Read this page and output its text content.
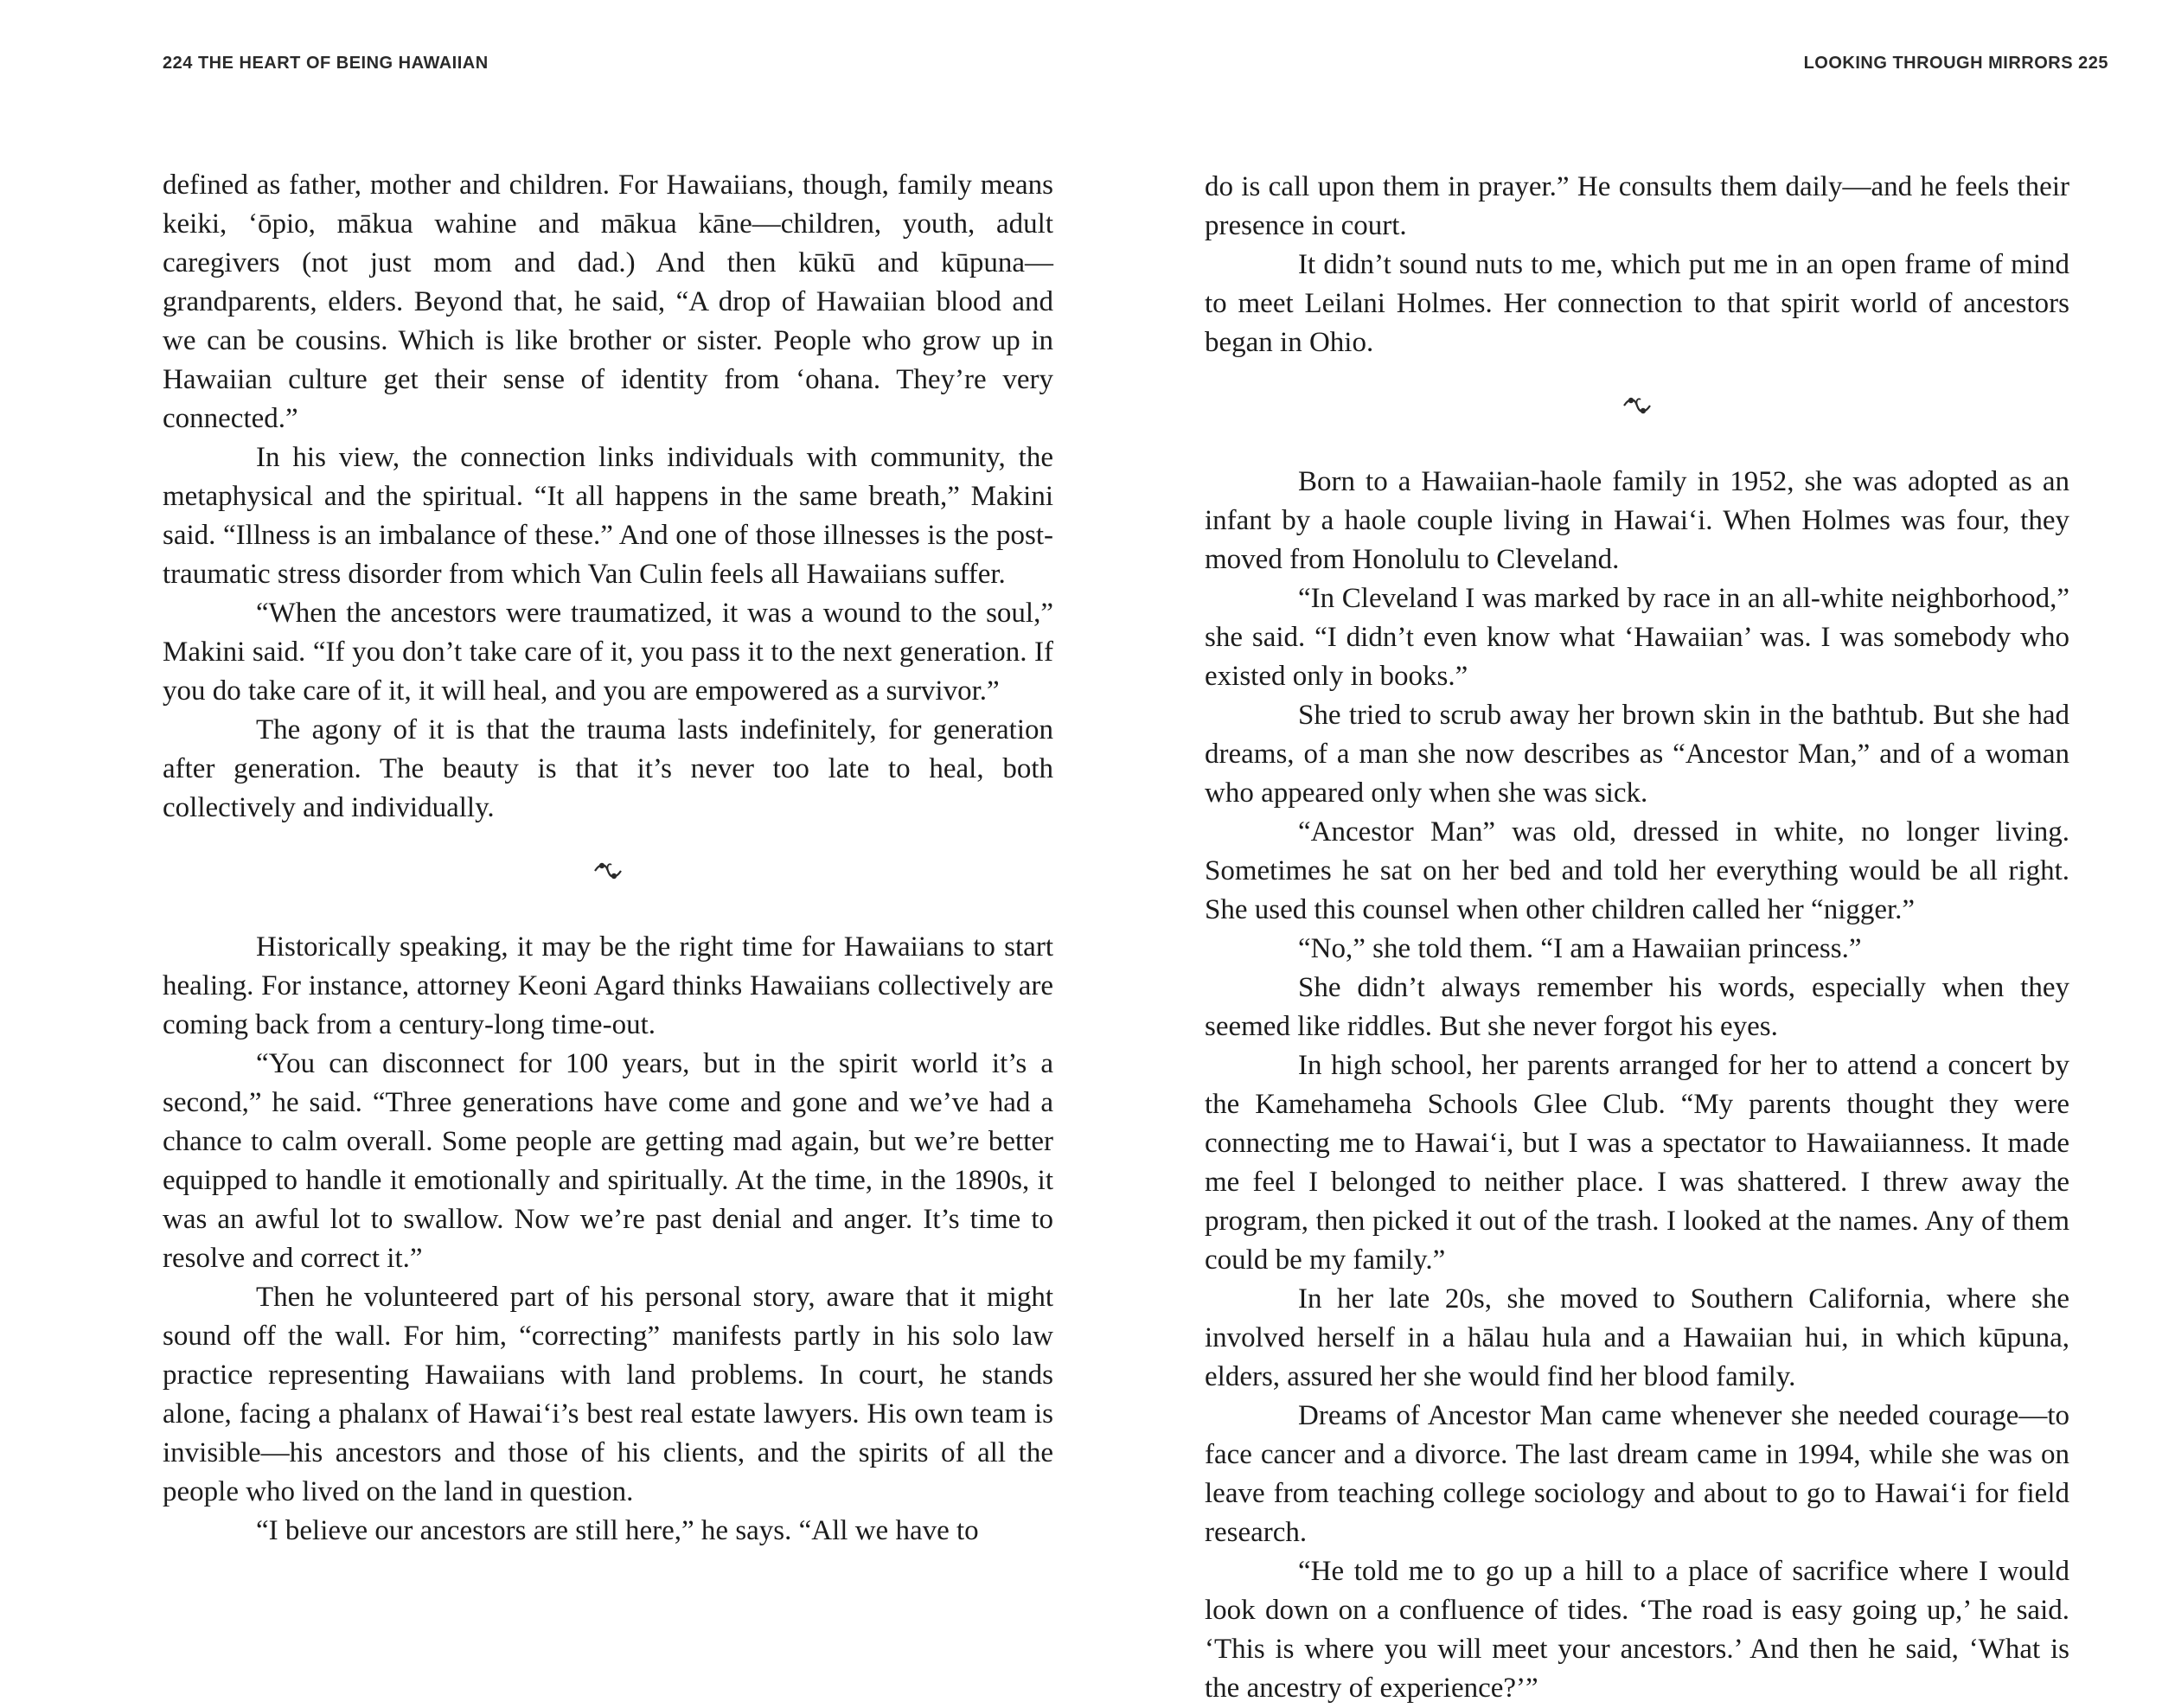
224 THE HEART OF BEING HAWAIIAN

defined as father, mother and children. For Hawaiians, though, family means keiki, ‘ōpio, mākua wahine and mākua kāne—children, youth, adult caregivers (not just mom and dad.) And then kūkū and kūpuna—grandparents, elders. Beyond that, he said, “A drop of Hawaiian blood and we can be cousins. Which is like brother or sister. People who grow up in Hawaiian culture get their sense of identity from ‘ohana. They’re very connected.”

In his view, the connection links individuals with community, the metaphysical and the spiritual. “It all happens in the same breath,” Makini said. “Illness is an imbalance of these.” And one of those illnesses is the post-traumatic stress disorder from which Van Culin feels all Hawaiians suffer.

“When the ancestors were traumatized, it was a wound to the soul,” Makini said. “If you don’t take care of it, you pass it to the next generation. If you do take care of it, it will heal, and you are empowered as a survivor.”

The agony of it is that the trauma lasts indefinitely, for generation after generation. The beauty is that it’s never too late to heal, both collectively and individually.

Historically speaking, it may be the right time for Hawaiians to start healing. For instance, attorney Keoni Agard thinks Hawaiians collectively are coming back from a century-long time-out.

“You can disconnect for 100 years, but in the spirit world it’s a second,” he said. “Three generations have come and gone and we’ve had a chance to calm overall. Some people are getting mad again, but we’re better equipped to handle it emotionally and spiritually. At the time, in the 1890s, it was an awful lot to swallow. Now we’re past denial and anger. It’s time to resolve and correct it.”

Then he volunteered part of his personal story, aware that it might sound off the wall. For him, “correcting” manifests partly in his solo law practice representing Hawaiians with land problems. In court, he stands alone, facing a phalanx of Hawai‘i’s best real estate lawyers. His own team is invisible—his ancestors and those of his clients, and the spirits of all the people who lived on the land in question.

“I believe our ancestors are still here,” he says. “All we have to

LOOKING THROUGH MIRRORS 225

do is call upon them in prayer.” He consults them daily—and he feels their presence in court.

It didn’t sound nuts to me, which put me in an open frame of mind to meet Leilani Holmes. Her connection to that spirit world of ancestors began in Ohio.

Born to a Hawaiian-haole family in 1952, she was adopted as an infant by a haole couple living in Hawai‘i. When Holmes was four, they moved from Honolulu to Cleveland.

“In Cleveland I was marked by race in an all-white neighborhood,” she said. “I didn’t even know what ‘Hawaiian’ was. I was somebody who existed only in books.”

She tried to scrub away her brown skin in the bathtub. But she had dreams, of a man she now describes as “Ancestor Man,” and of a woman who appeared only when she was sick.

“Ancestor Man” was old, dressed in white, no longer living. Sometimes he sat on her bed and told her everything would be all right. She used this counsel when other children called her “nigger.”

“No,” she told them. “I am a Hawaiian princess.”

She didn’t always remember his words, especially when they seemed like riddles. But she never forgot his eyes.

In high school, her parents arranged for her to attend a concert by the Kamehameha Schools Glee Club. “My parents thought they were connecting me to Hawai‘i, but I was a spectator to Hawaiianness. It made me feel I belonged to neither place. I was shattered. I threw away the program, then picked it out of the trash. I looked at the names. Any of them could be my family.”

In her late 20s, she moved to Southern California, where she involved herself in a hālau hula and a Hawaiian hui, in which kūpuna, elders, assured her she would find her blood family.

Dreams of Ancestor Man came whenever she needed courage—to face cancer and a divorce. The last dream came in 1994, while she was on leave from teaching college sociology and about to go to Hawai‘i for field research.

“He told me to go up a hill to a place of sacrifice where I would look down on a confluence of tides. ‘The road is easy going up,’ he said. ‘This is where you will meet your ancestors.’ And then he said, ‘What is the ancestry of experience?’”
